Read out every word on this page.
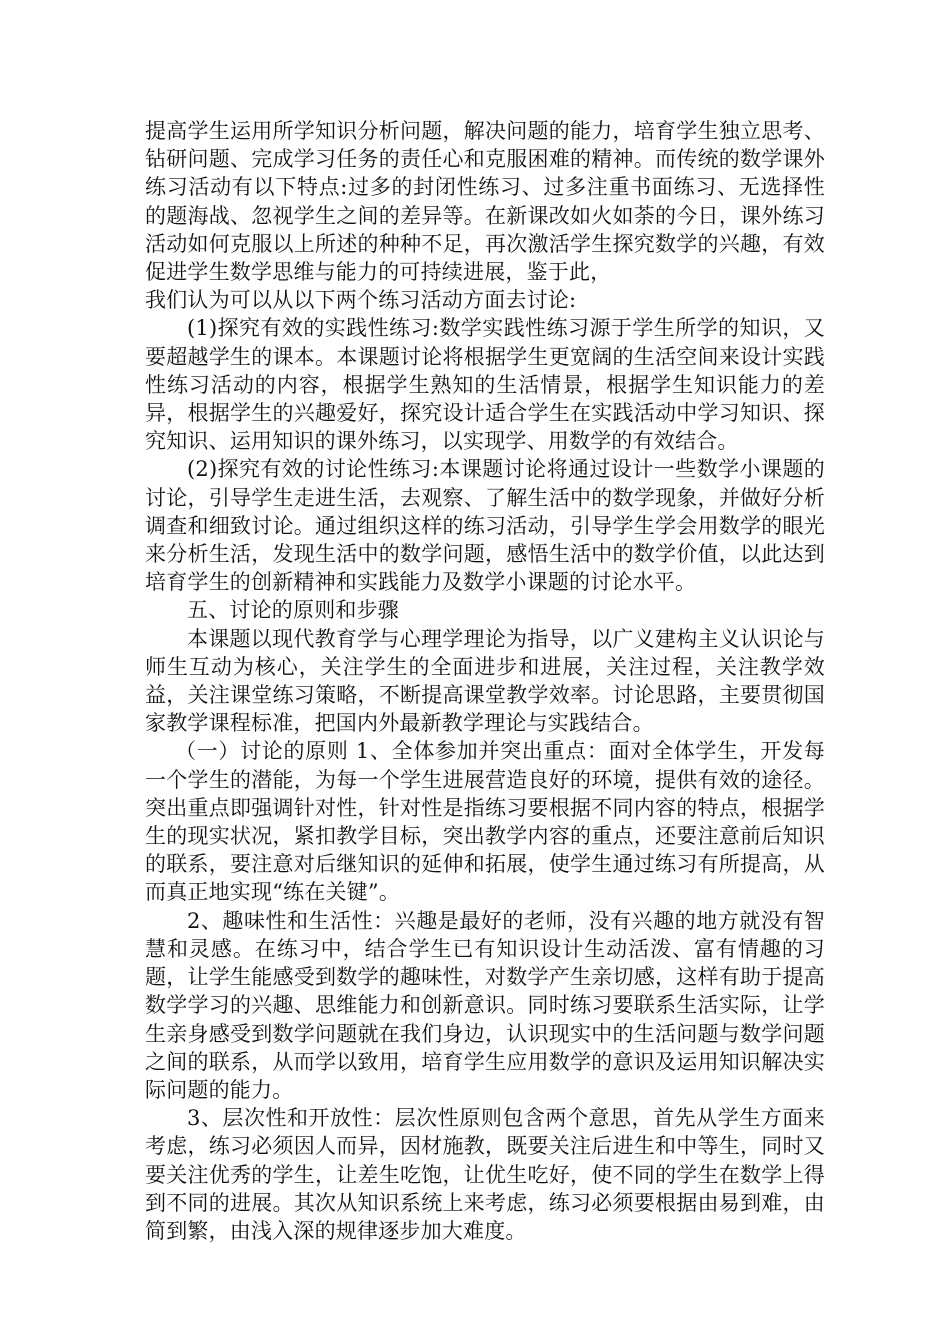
提高学生运用所学知识分析问题，解决问题的能力，培育学生独立思考、钻研问题、完成学习任务的责任心和克服困难的精神。而传统的数学课外练习活动有以下特点:过多的封闭性练习、过多注重书面练习、无选择性的题海战、忽视学生之间的差异等。在新课改如火如荼的今日，课外练习活动如何克服以上所述的种种不足，再次激活学生探究数学的兴趣，有效促进学生数学思维与能力的可持续进展，鉴于此，

我们认为可以从以下两个练习活动方面去讨论:

(1)探究有效的实践性练习:数学实践性练习源于学生所学的知识，又要超越学生的课本。本课题讨论将根据学生更宽阔的生活空间来设计实践性练习活动的内容，根据学生熟知的生活情景，根据学生知识能力的差异，根据学生的兴趣爱好，探究设计适合学生在实践活动中学习知识、探究知识、运用知识的课外练习，以实现学、用数学的有效结合。

(2)探究有效的讨论性练习:本课题讨论将通过设计一些数学小课题的讨论，引导学生走进生活，去观察、了解生活中的数学现象，并做好分析调查和细致讨论。通过组织这样的练习活动，引导学生学会用数学的眼光来分析生活，发现生活中的数学问题，感悟生活中的数学价值，以此达到培育学生的创新精神和实践能力及数学小课题的讨论水平。

五、讨论的原则和步骤

本课题以现代教育学与心理学理论为指导，以广义建构主义认识论与师生互动为核心，关注学生的全面进步和进展，关注过程，关注教学效益，关注课堂练习策略，不断提高课堂教学效率。讨论思路，主要贯彻国家教学课程标准，把国内外最新教学理论与实践结合。

（一）讨论的原则 1、全体参加并突出重点：面对全体学生，开发每一个学生的潜能，为每一个学生进展营造良好的环境，提供有效的途径。突出重点即强调针对性，针对性是指练习要根据不同内容的特点，根据学生的现实状况，紧扣教学目标，突出教学内容的重点，还要注意前后知识的联系，要注意对后继知识的延伸和拓展，使学生通过练习有所提高，从而真正地实现“练在关键”。

2、趣味性和生活性：兴趣是最好的老师，没有兴趣的地方就没有智慧和灵感。在练习中，结合学生已有知识设计生动活泼、富有情趣的习题，让学生能感受到数学的趣味性，对数学产生亲切感，这样有助于提高数学学习的兴趣、思维能力和创新意识。同时练习要联系生活实际，让学生亲身感受到数学问题就在我们身边，认识现实中的生活问题与数学问题之间的联系，从而学以致用，培育学生应用数学的意识及运用知识解决实际问题的能力。

3、层次性和开放性：层次性原则包含两个意思，首先从学生方面来考虑，练习必须因人而异，因材施教，既要关注后进生和中等生，同时又要关注优秀的学生，让差生吃饱，让优生吃好，使不同的学生在数学上得到不同的进展。其次从知识系统上来考虑，练习必须要根据由易到难，由简到繁，由浅入深的规律逐步加大难度。
